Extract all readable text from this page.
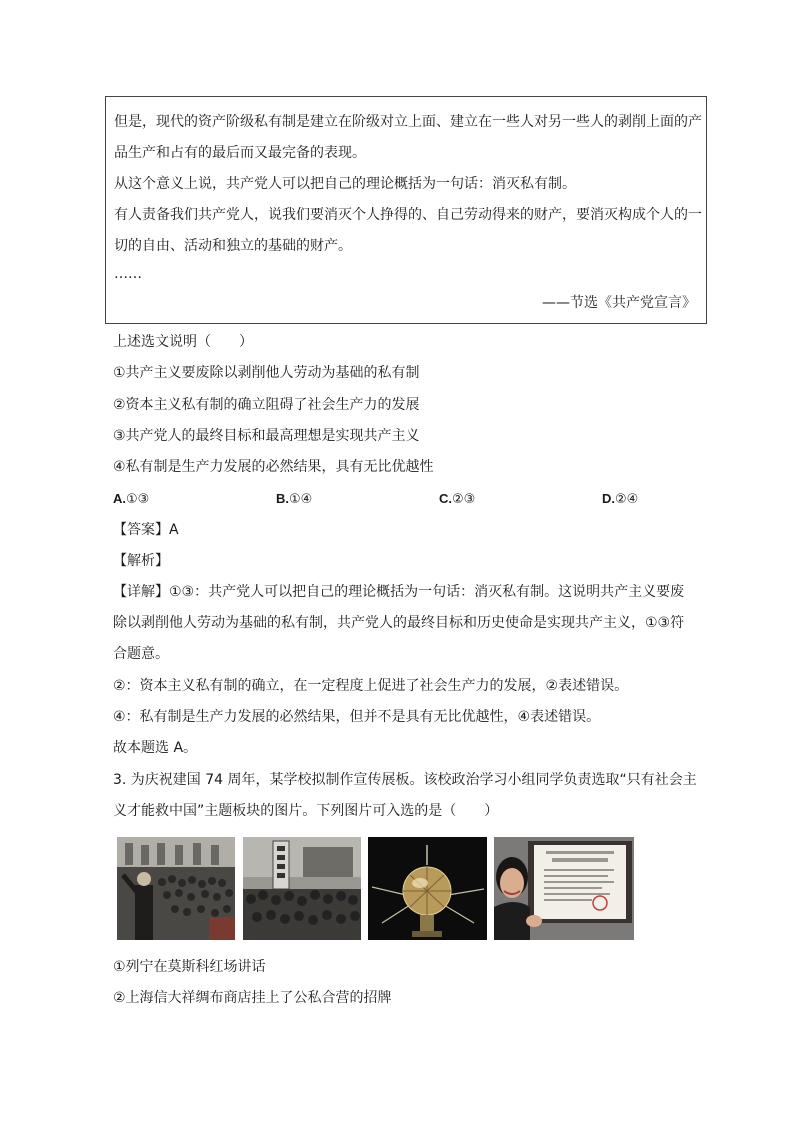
但是，现代的资产阶级私有制是建立在阶级对立上面、建立在一些人对另一些人的剥削上面的产
品生产和占有的最后而又最完备的表现。
从这个意义上说，共产党人可以把自己的理论概括为一句话：消灭私有制。
有人责备我们共产党人，说我们要消灭个人挣得的、自己劳动得来的财产，要消灭构成个人的一
切的自由、活动和独立的基础的财产。
……
——节选《共产党宣言》
上述选文说明（　　）
①共产主义要废除以剥削他人劳动为基础的私有制
②资本主义私有制的确立阻碍了社会生产力的发展
③共产党人的最终目标和最高理想是实现共产主义
④私有制是生产力发展的必然结果，具有无比优越性
A.①③	B.①④	C.②③	D.②④
【答案】A
【解析】
【详解】①③：共产党人可以把自己的理论概括为一句话：消灭私有制。这说明共产主义要废
除以剥削他人劳动为基础的私有制，共产党人的最终目标和历史使命是实现共产主义，①③符
合题意。
②：资本主义私有制的确立，在一定程度上促进了社会生产力的发展，②表述错误。
④：私有制是生产力发展的必然结果，但并不是具有无比优越性，④表述错误。
故本题选 A。
3. 为庆祝建国 74 周年，某学校拟制作宣传展板。该校政治学习小组同学负责选取“只有社会主
义才能救中国”主题板块的图片。下列图片可入选的是（　　）
①列宁在莫斯科红场讲话
②上海信大祥绸布商店挂上了公私合营的招牌
